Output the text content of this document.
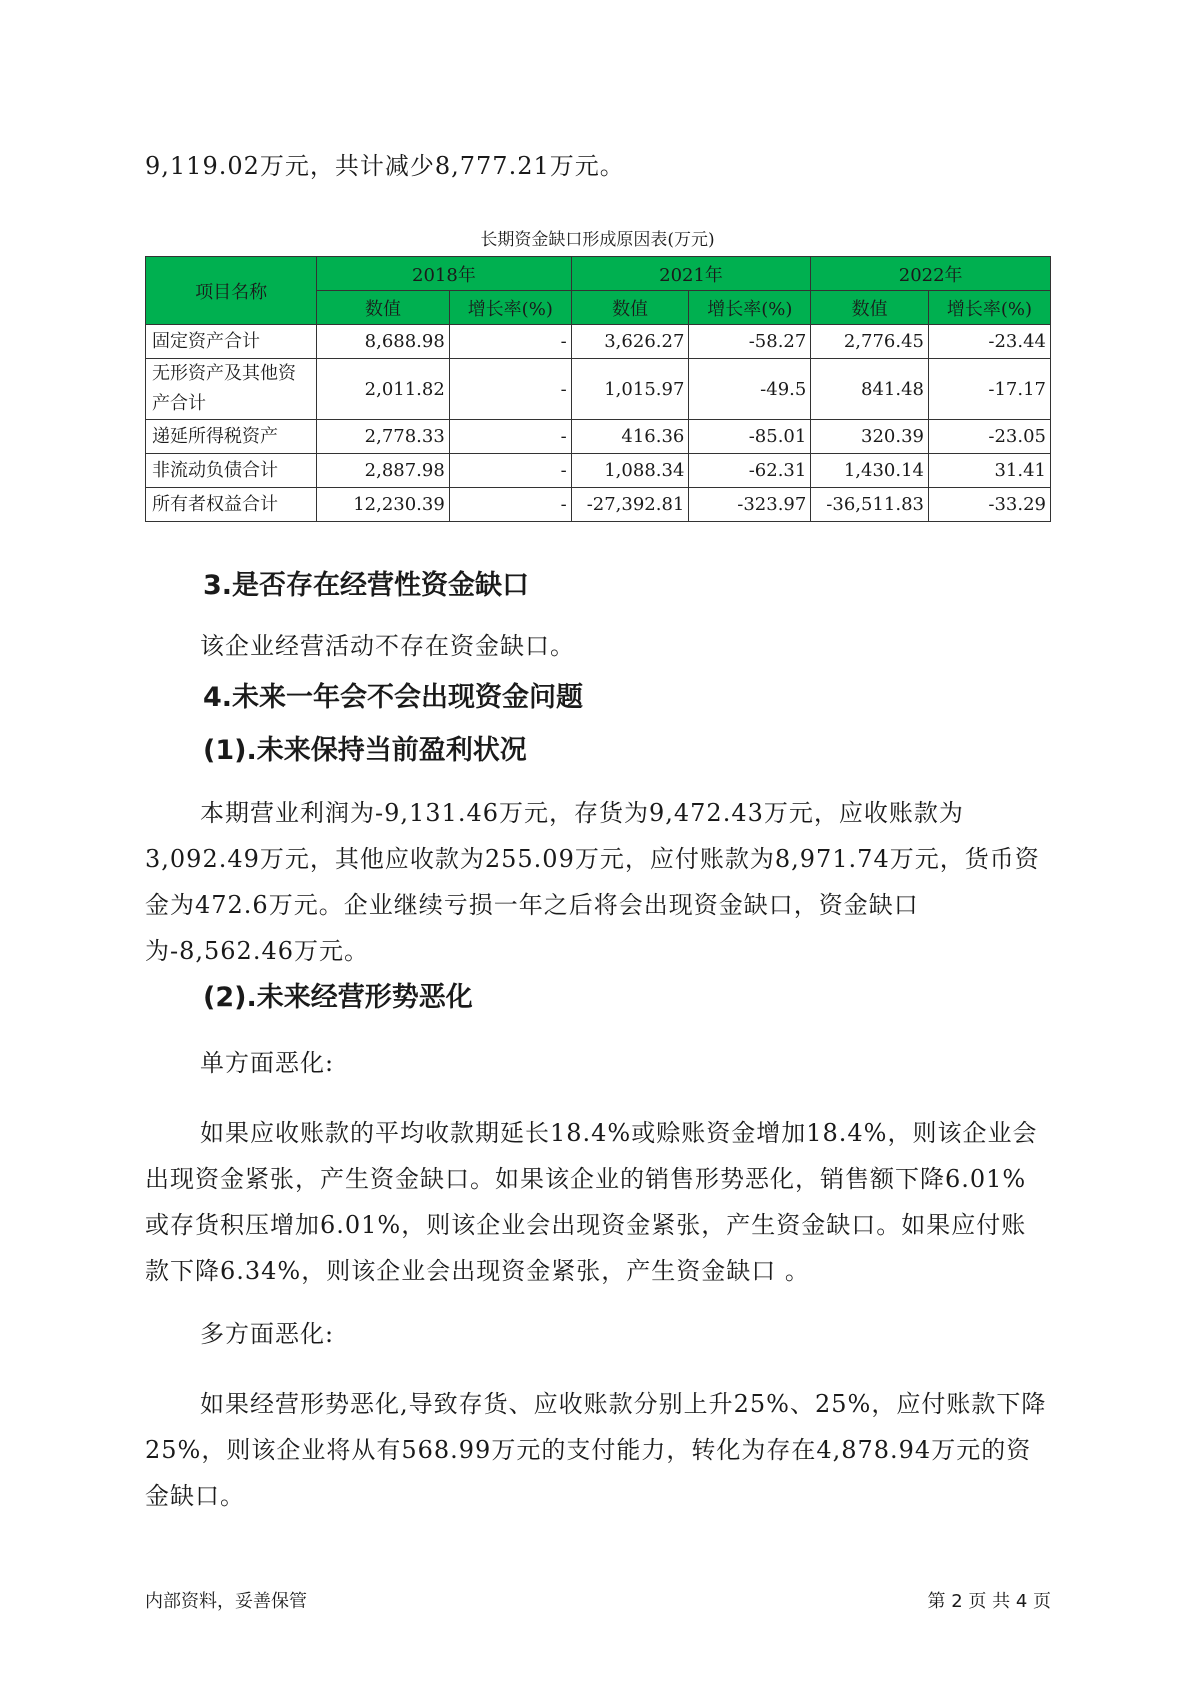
9,119.02万元，共计减少8,777.21万元。
长期资金缺口形成原因表(万元)
项目名称	2018年		2021年		2022年	
	数值	增长率(%)	数值	增长率(%)	数值	增长率(%)
固定资产合计	8,688.98	-	3,626.27	-58.27	2,776.45	-23.44
无形资产及其他资产合计	2,011.82	-	1,015.97	-49.5	841.48	-17.17
递延所得税资产	2,778.33	-	416.36	-85.01	320.39	-23.05
非流动负债合计	2,887.98	-	1,088.34	-62.31	1,430.14	31.41
所有者权益合计	12,230.39	-	-27,392.81	-323.97	-36,511.83	-33.29
3.是否存在经营性资金缺口
该企业经营活动不存在资金缺口。
4.未来一年会不会出现资金问题
(1).未来保持当前盈利状况
本期营业利润为-9,131.46万元，存货为9,472.43万元，应收账款为3,092.49万元，其他应收款为255.09万元，应付账款为8,971.74万元，货币资金为472.6万元。企业继续亏损一年之后将会出现资金缺口，资金缺口为-8,562.46万元。
(2).未来经营形势恶化
单方面恶化:
如果应收账款的平均收款期延长18.4%或赊账资金增加18.4%，则该企业会出现资金紧张，产生资金缺口。如果该企业的销售形势恶化，销售额下降6.01%或存货积压增加6.01%，则该企业会出现资金紧张，产生资金缺口。如果应付账款下降6.34%，则该企业会出现资金紧张，产生资金缺口 。
多方面恶化:
如果经营形势恶化,导致存货、应收账款分别上升25%、25%，应付账款下降25%，则该企业将从有568.99万元的支付能力，转化为存在4,878.94万元的资金缺口。
内部资料，妥善保管	第 2 页 共 4 页
